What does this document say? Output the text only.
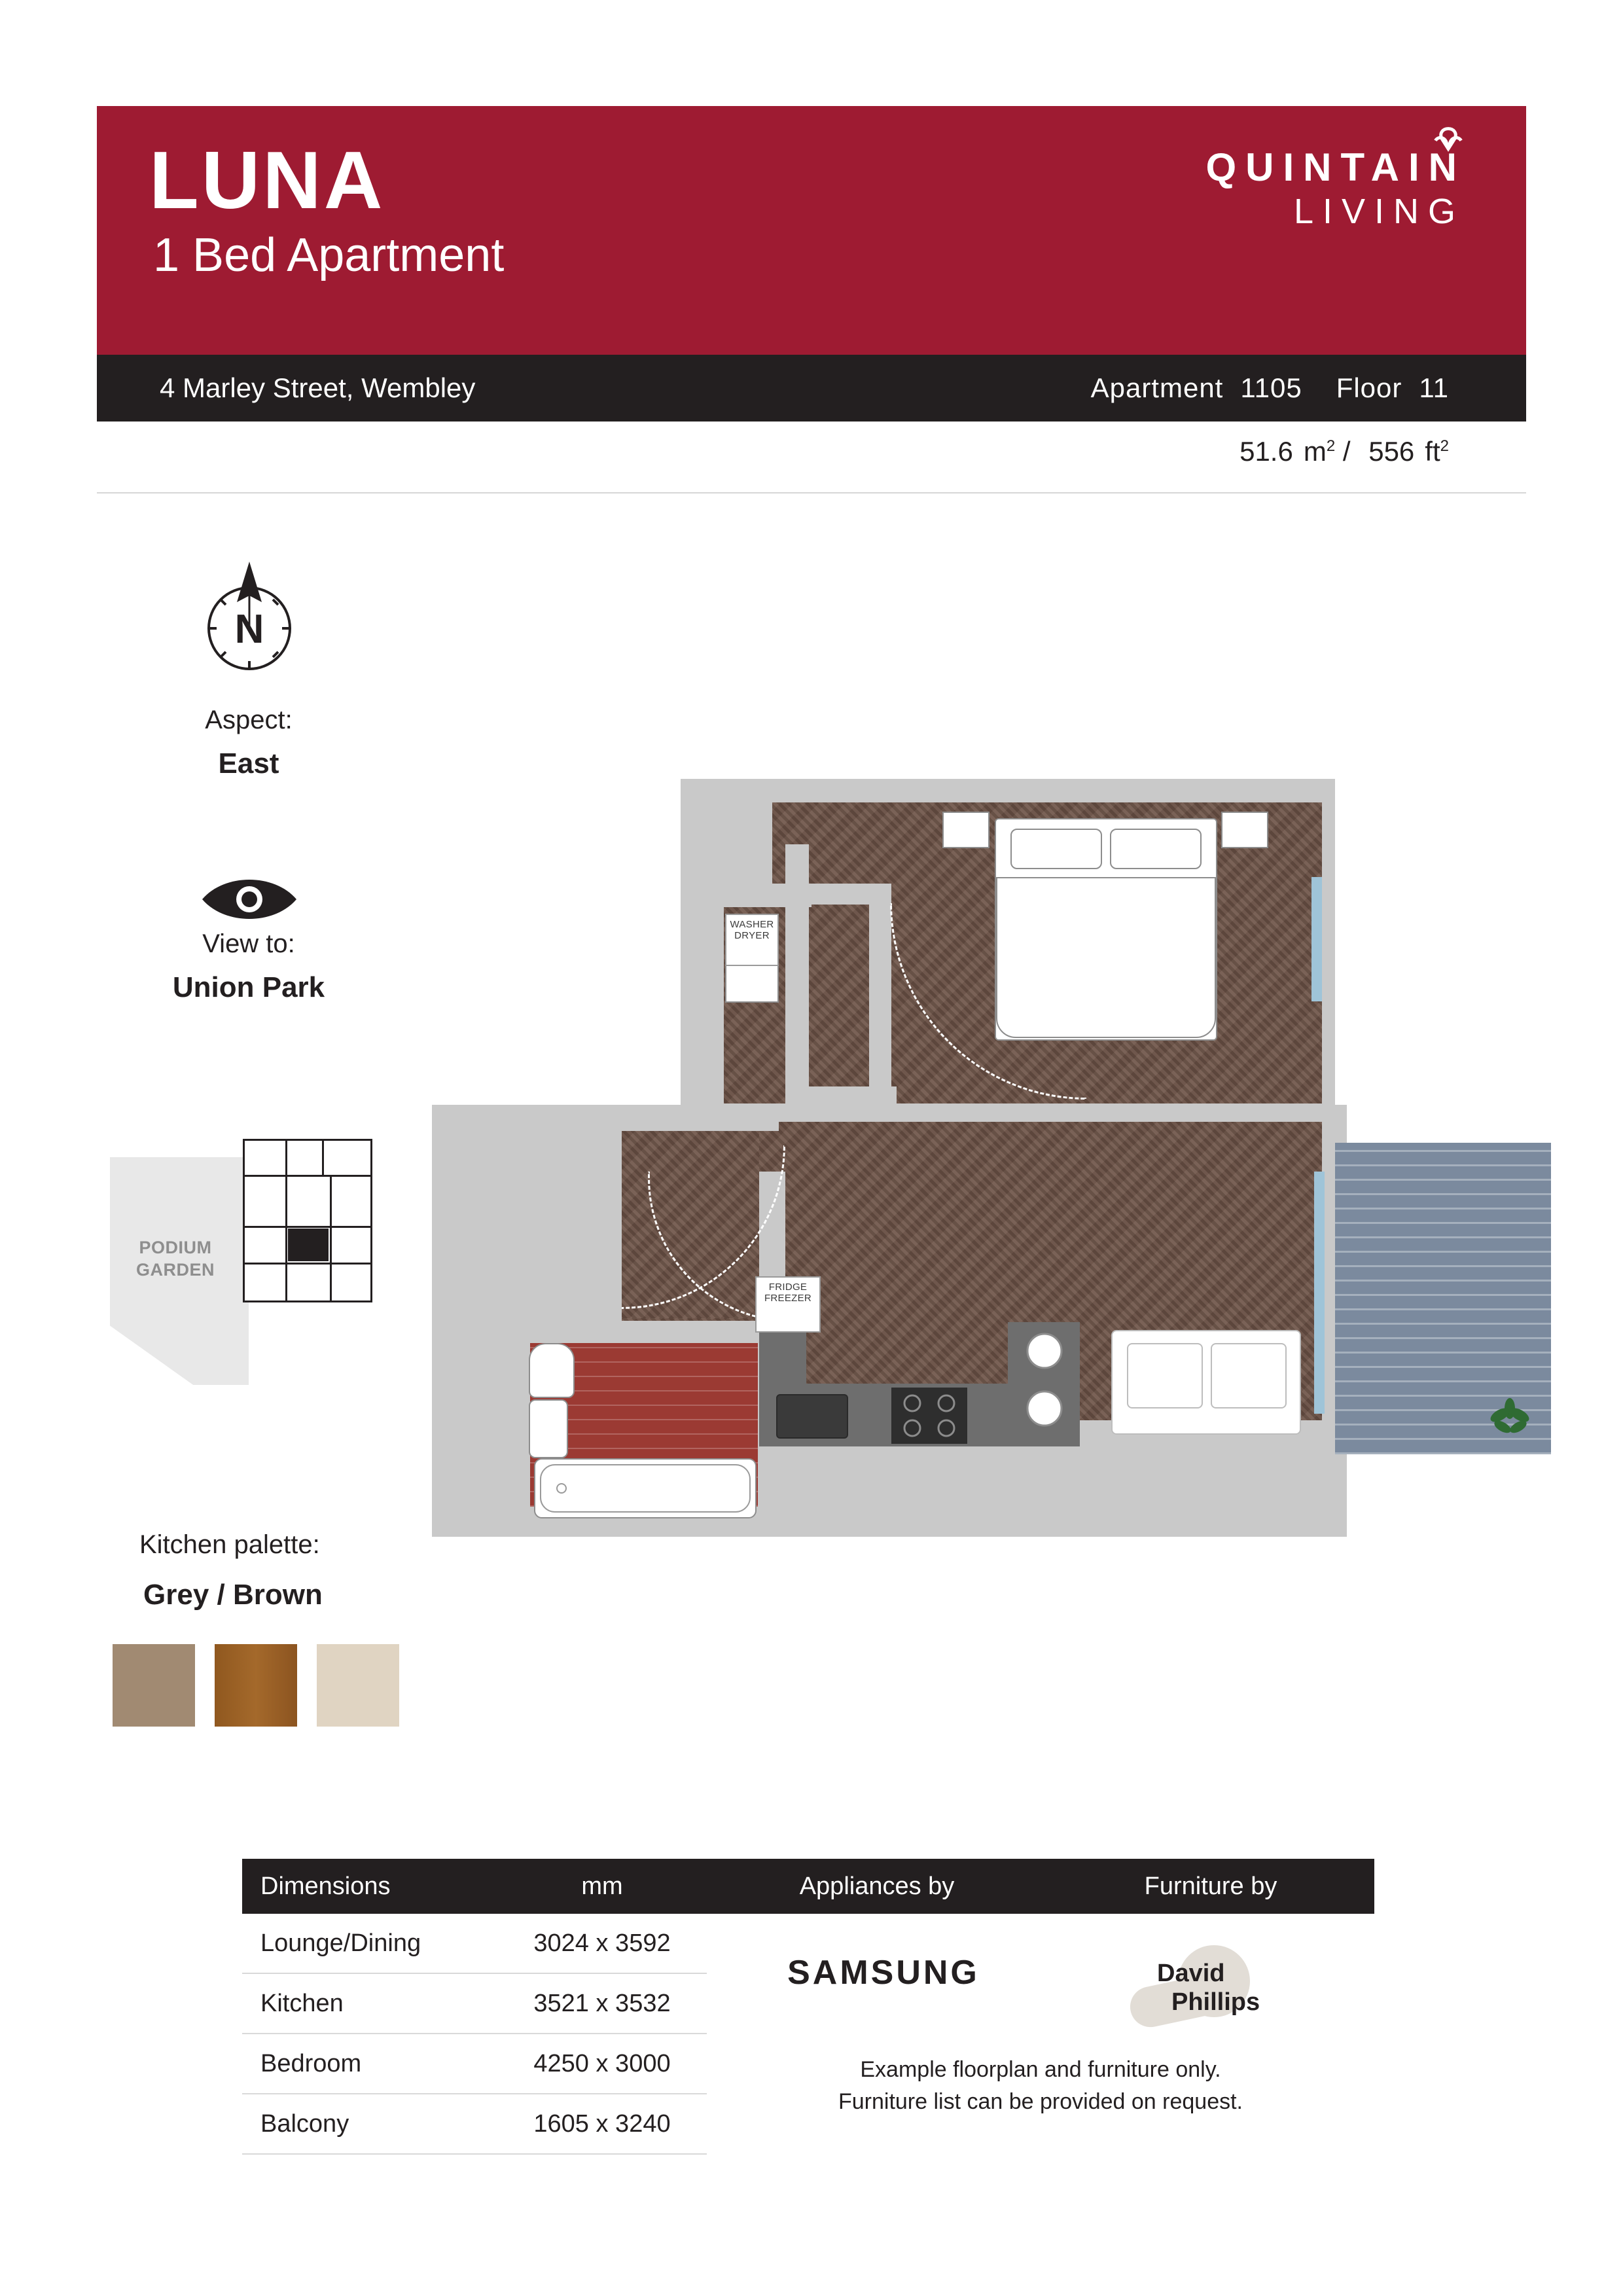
LUNA
1 Bed Apartment
QUINTAIN
LIVING
4 Marley Street, Wembley	Apartment 1105 Floor 11
51.6 $m^2 / 556$ $ft^2$
N
Aspect:
East
View to:
Union Park
PODIUM
GARDEN
Kitchen palette:
Grey / Brown
WASHER
DRYER
FRIDGE
FREEZER
Dimensions	mm	Appliances by	Furniture by
Lounge/Dining	3024 x 3592
Kitchen	3521 x 3532
Bedroom	4250 x 3000
Balcony	1605 x 3240
SAMSUNG	David
Phillips
Example floorplan and furniture only.
Furniture list can be provided on request.
